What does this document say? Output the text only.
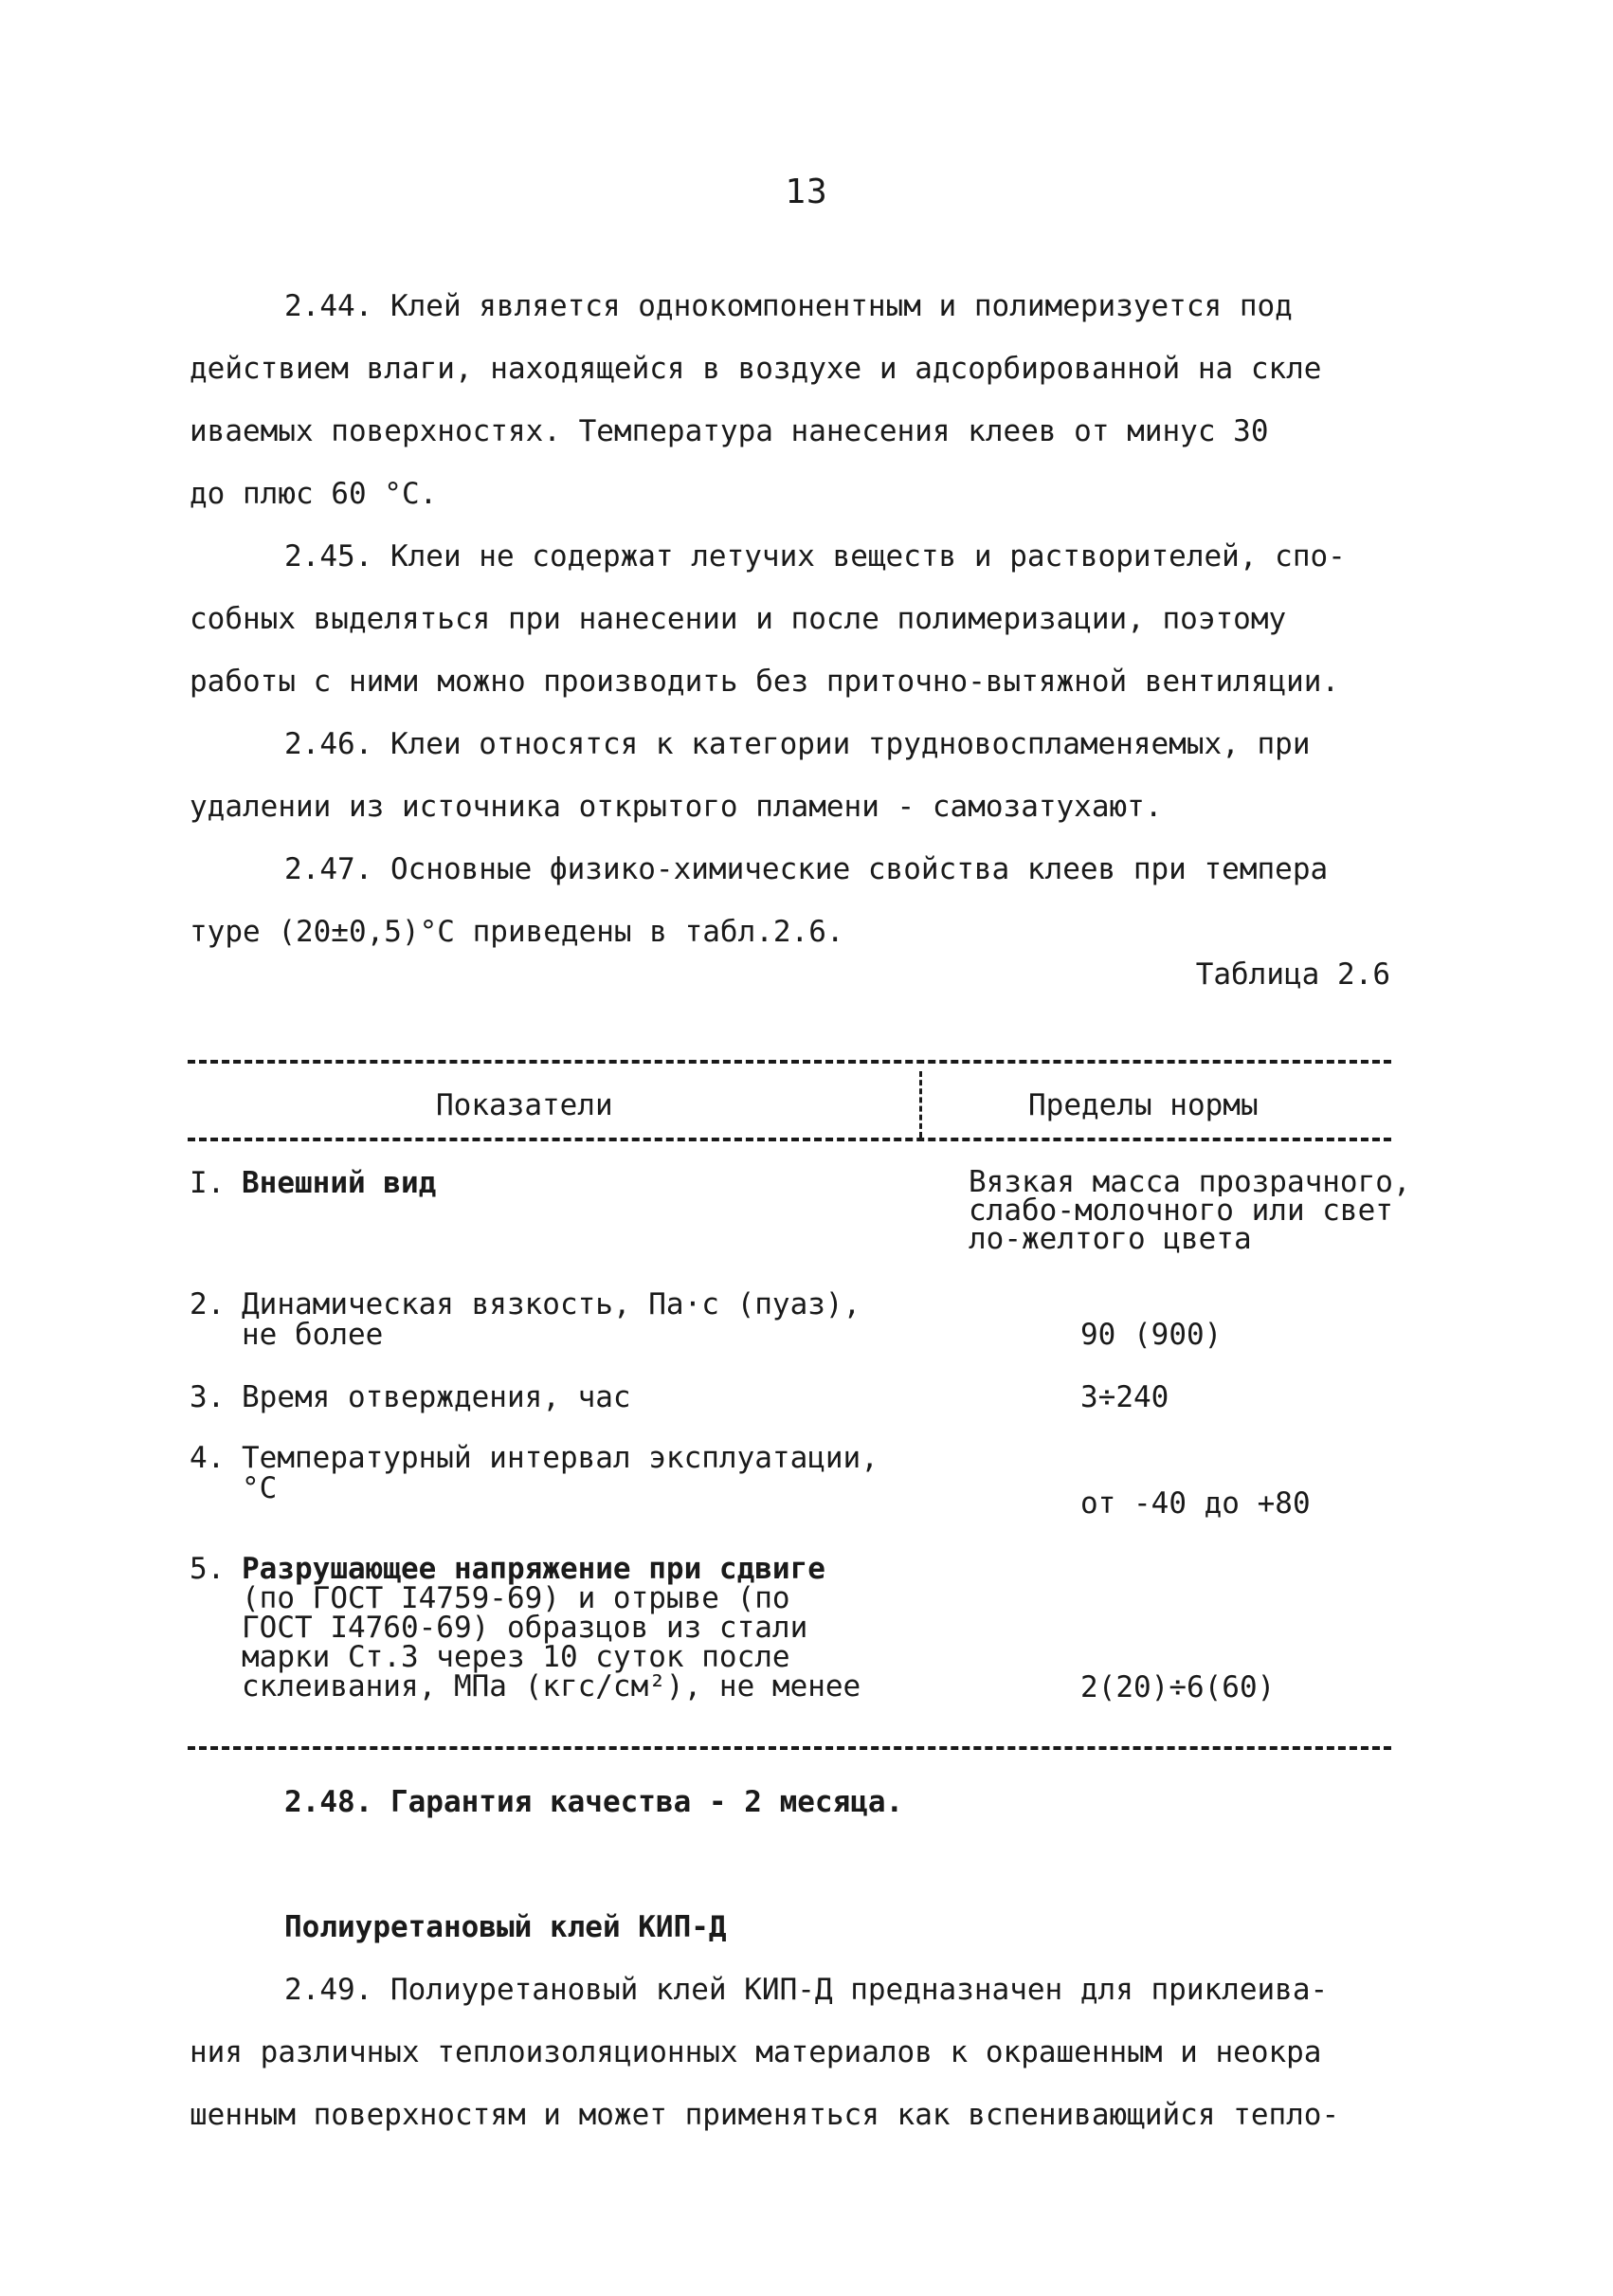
13
2.44. Клей является однокомпонентным и полимеризуется под
действием влаги, находящейся в воздухе и адсорбированной на скле
иваемых поверхностях. Температура нанесения клеев от минус 30
до плюс 60 °С.
2.45. Клеи не содержат летучих веществ и растворителей, спо-
собных выделяться при нанесении и после полимеризации, поэтому
работы с ними можно производить без приточно-вытяжной вентиляции.
2.46. Клеи относятся к категории трудновоспламеняемых, при
удалении из источника открытого пламени - самозатухают.
2.47. Основные физико-химические свойства клеев при темпера
туре (20±0,5)°С приведены в табл.2.6.
Таблица 2.6
Показатели	Пределы нормы
I. Внешний вид	Вязкая масса прозрачного,
слабо-молочного или свет
ло-желтого цвета
2. Динамическая вязкость, Па·с (пуаз),
не более	90 (900)
3. Время отверждения, час	3÷240
4. Температурный интервал эксплуатации,
°С	от -40 до +80
5. Разрушающее напряжение при сдвиге
(по ГОСТ I4759-69) и отрыве (по
ГОСТ I4760-69) образцов из стали
марки Ст.3 через 10 суток после
склеивания, МПа (кгс/см²), не менее	2(20)÷6(60)
2.48. Гарантия качества - 2 месяца.
Полиуретановый клей КИП-Д
2.49. Полиуретановый клей КИП-Д предназначен для приклеива-
ния различных теплоизоляционных материалов к окрашенным и неокра
шенным поверхностям и может применяться как вспенивающийся тепло-
